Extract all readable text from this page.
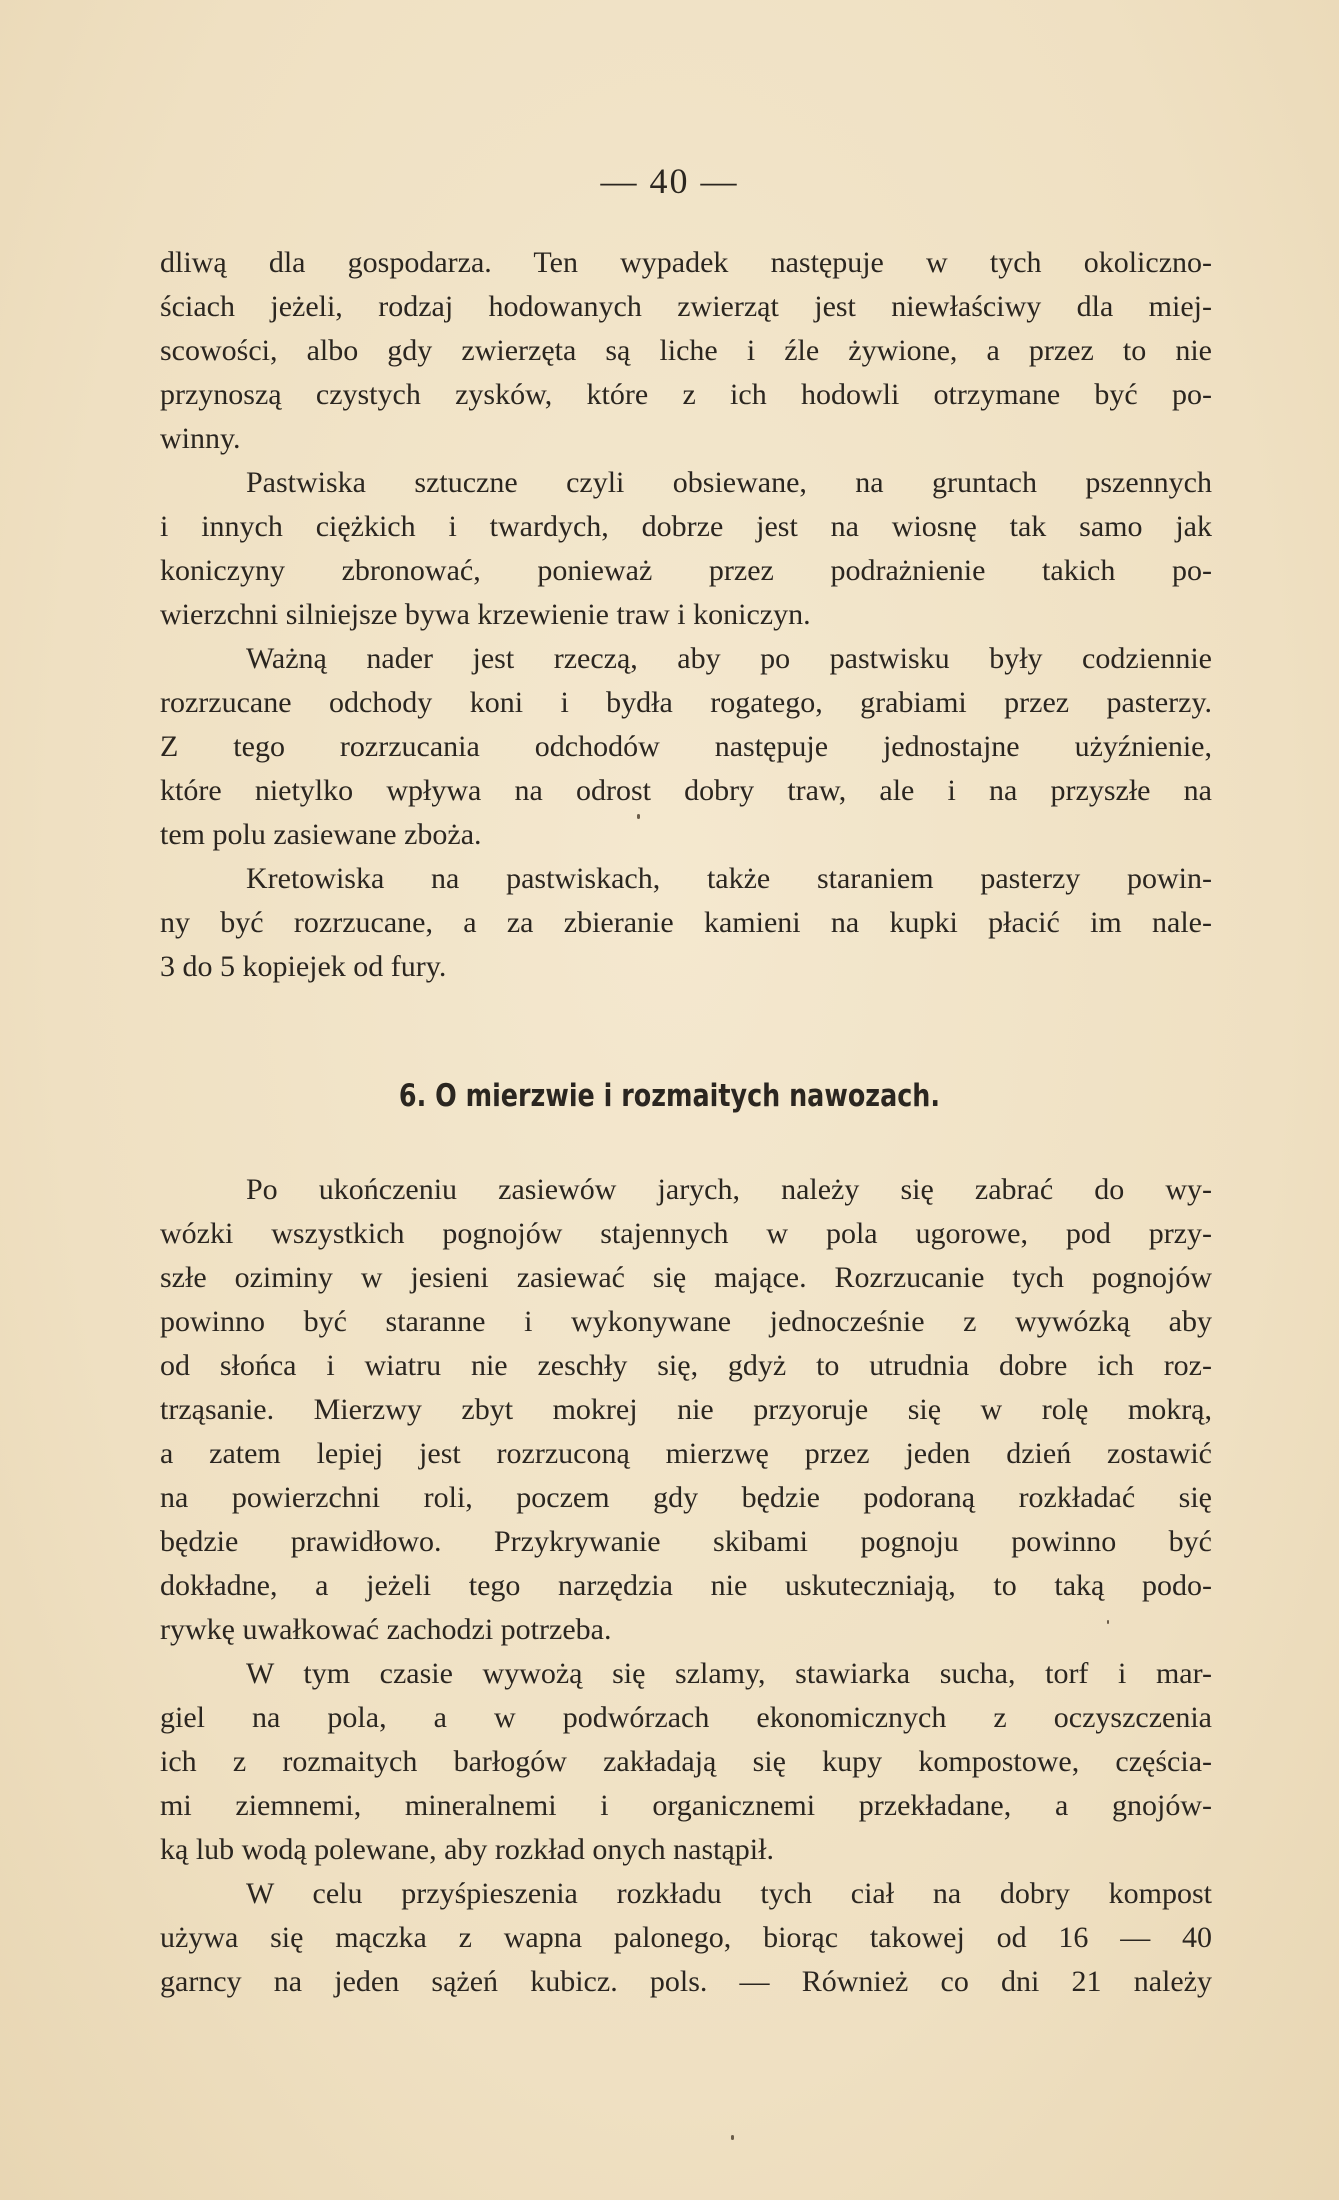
— 40 —
dliwą dla gospodarza. Ten wypadek następuje w tych okoliczno-
ściach jeżeli, rodzaj hodowanych zwierząt jest niewłaściwy dla miej-
scowości, albo gdy zwierzęta są liche i źle żywione, a przez to nie
przynoszą czystych zysków, które z ich hodowli otrzymane być po-
winny.
Pastwiska sztuczne czyli obsiewane, na gruntach pszennych
i innych ciężkich i twardych, dobrze jest na wiosnę tak samo jak
koniczyny zbronować, ponieważ przez podrażnienie takich po-
wierzchni silniejsze bywa krzewienie traw i koniczyn.
Ważną nader jest rzeczą, aby po pastwisku były codziennie
rozrzucane odchody koni i bydła rogatego, grabiami przez pasterzy.
Z tego rozrzucania odchodów następuje jednostajne użyźnienie,
które nietylko wpływa na odrost dobry traw, ale i na przyszłe na
tem polu zasiewane zboża.
Kretowiska na pastwiskach, także staraniem pasterzy powin-
ny być rozrzucane, a za zbieranie kamieni na kupki płacić im nale-
3 do 5 kopiejek od fury.
6. O mierzwie i rozmaitych nawozach.
Po ukończeniu zasiewów jarych, należy się zabrać do wy-
wózki wszystkich pognojów stajennych w pola ugorowe, pod przy-
szłe oziminy w jesieni zasiewać się mające. Rozrzucanie tych pognojów
powinno być staranne i wykonywane jednocześnie z wywózką aby
od słońca i wiatru nie zeschły się, gdyż to utrudnia dobre ich roz-
trząsanie. Mierzwy zbyt mokrej nie przyoruje się w rolę mokrą,
a zatem lepiej jest rozrzuconą mierzwę przez jeden dzień zostawić
na powierzchni roli, poczem gdy będzie podoraną rozkładać się
będzie prawidłowo. Przykrywanie skibami pognoju powinno być
dokładne, a jeżeli tego narzędzia nie uskuteczniają, to taką podo-
rywkę uwałkować zachodzi potrzeba.
W tym czasie wywożą się szlamy, stawiarka sucha, torf i mar-
giel na pola, a w podwórzach ekonomicznych z oczyszczenia
ich z rozmaitych barłogów zakładają się kupy kompostowe, częścia-
mi ziemnemi, mineralnemi i organicznemi przekładane, a gnojów-
ką lub wodą polewane, aby rozkład onych nastąpił.
W celu przyśpieszenia rozkładu tych ciał na dobry kompost
używa się mączka z wapna palonego, biorąc takowej od 16 — 40
garncy na jeden sążeń kubicz. pols. — Również co dni 21 należy
